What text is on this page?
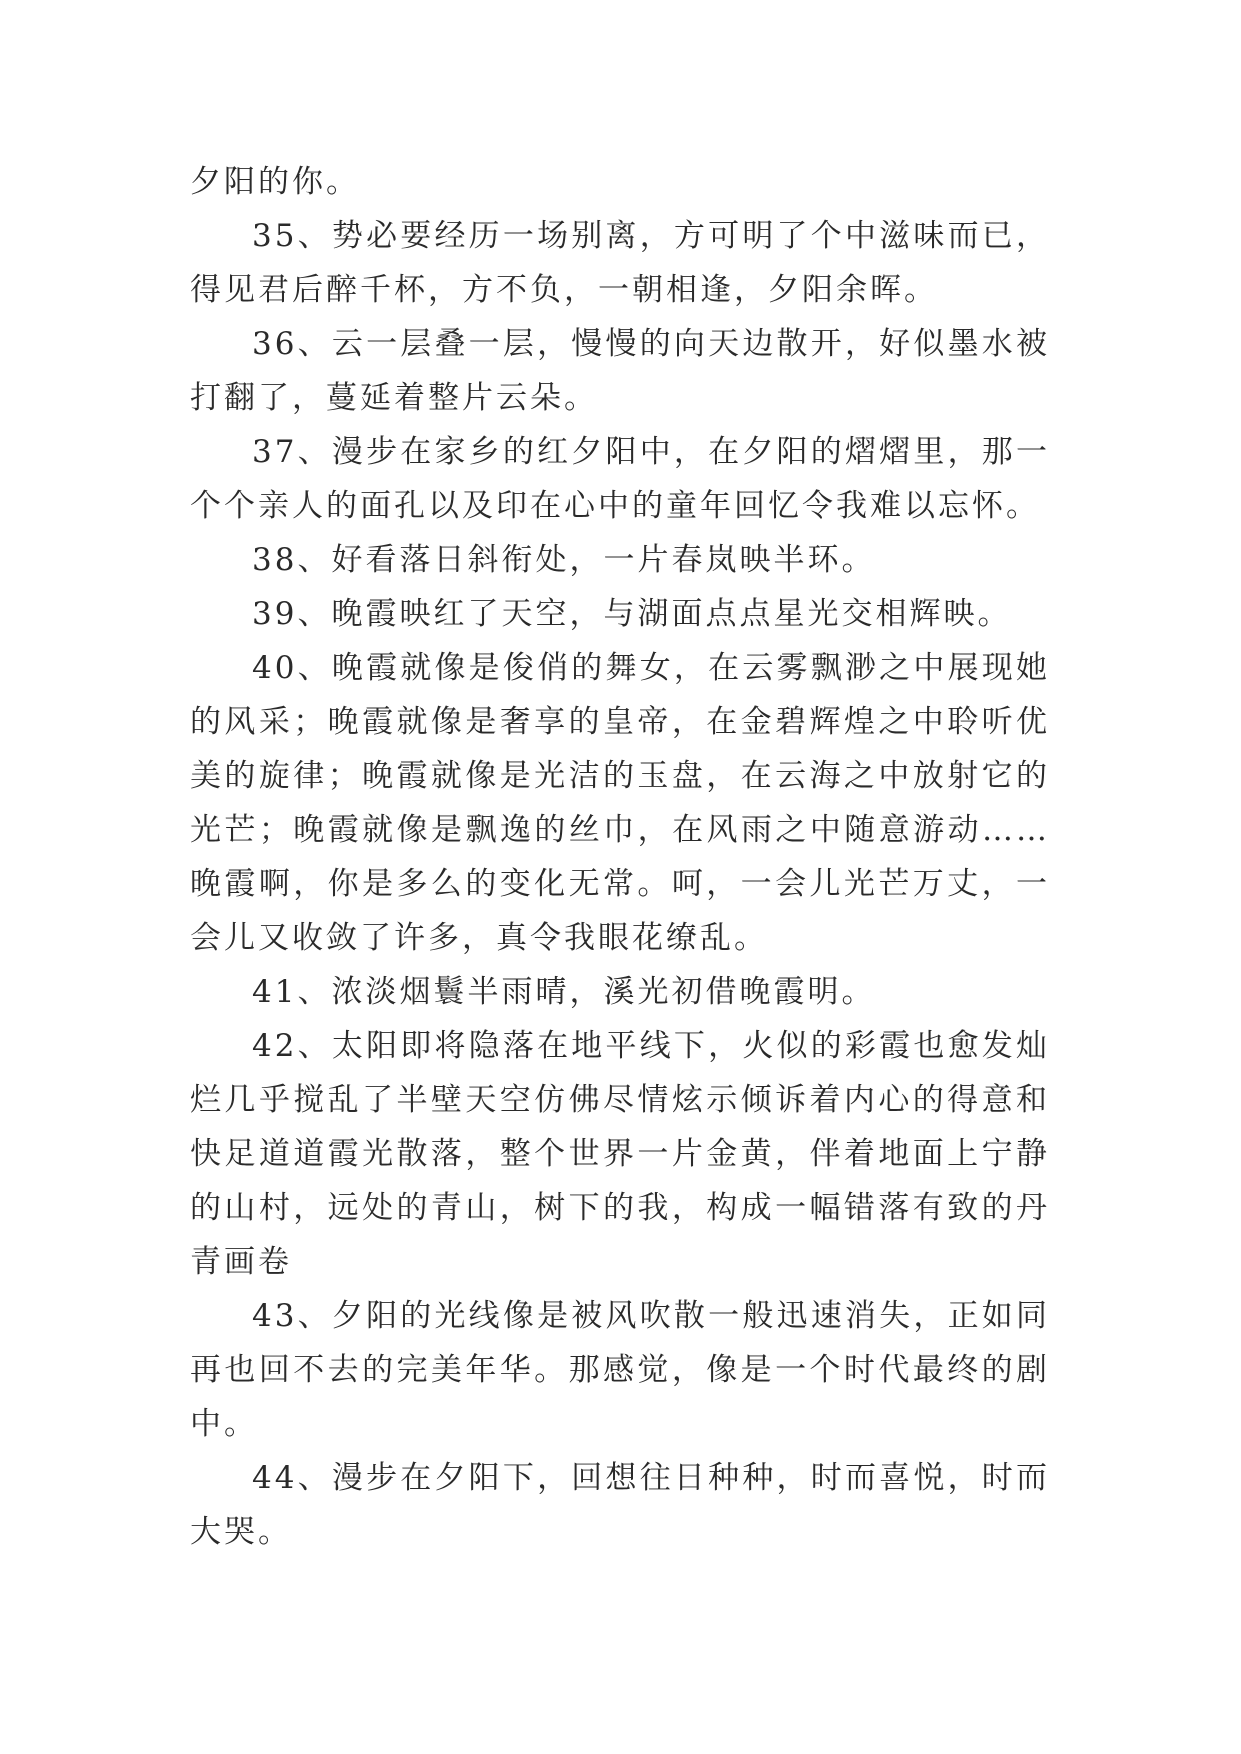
夕阳的你。

35、势必要经历一场别离，方可明了个中滋味而已，得见君后醉千杯，方不负，一朝相逢，夕阳余晖。

36、云一层叠一层，慢慢的向天边散开，好似墨水被打翻了，蔓延着整片云朵。

37、漫步在家乡的红夕阳中，在夕阳的熠熠里，那一个个亲人的面孔以及印在心中的童年回忆令我难以忘怀。

38、好看落日斜衔处，一片春岚映半环。

39、晚霞映红了天空，与湖面点点星光交相辉映。

40、晚霞就像是俊俏的舞女，在云雾飘渺之中展现她的风采；晚霞就像是奢享的皇帝，在金碧辉煌之中聆听优美的旋律；晚霞就像是光洁的玉盘，在云海之中放射它的光芒；晚霞就像是飘逸的丝巾，在风雨之中随意游动……晚霞啊，你是多么的变化无常。呵，一会儿光芒万丈，一会儿又收敛了许多，真令我眼花缭乱。

41、浓淡烟鬟半雨晴，溪光初借晚霞明。

42、太阳即将隐落在地平线下，火似的彩霞也愈发灿烂几乎搅乱了半壁天空仿佛尽情炫示倾诉着内心的得意和快足道道霞光散落，整个世界一片金黄，伴着地面上宁静的山村，远处的青山，树下的我，构成一幅错落有致的丹青画卷

43、夕阳的光线像是被风吹散一般迅速消失，正如同再也回不去的完美年华。那感觉，像是一个时代最终的剧中。

44、漫步在夕阳下，回想往日种种，时而喜悦，时而大哭。
